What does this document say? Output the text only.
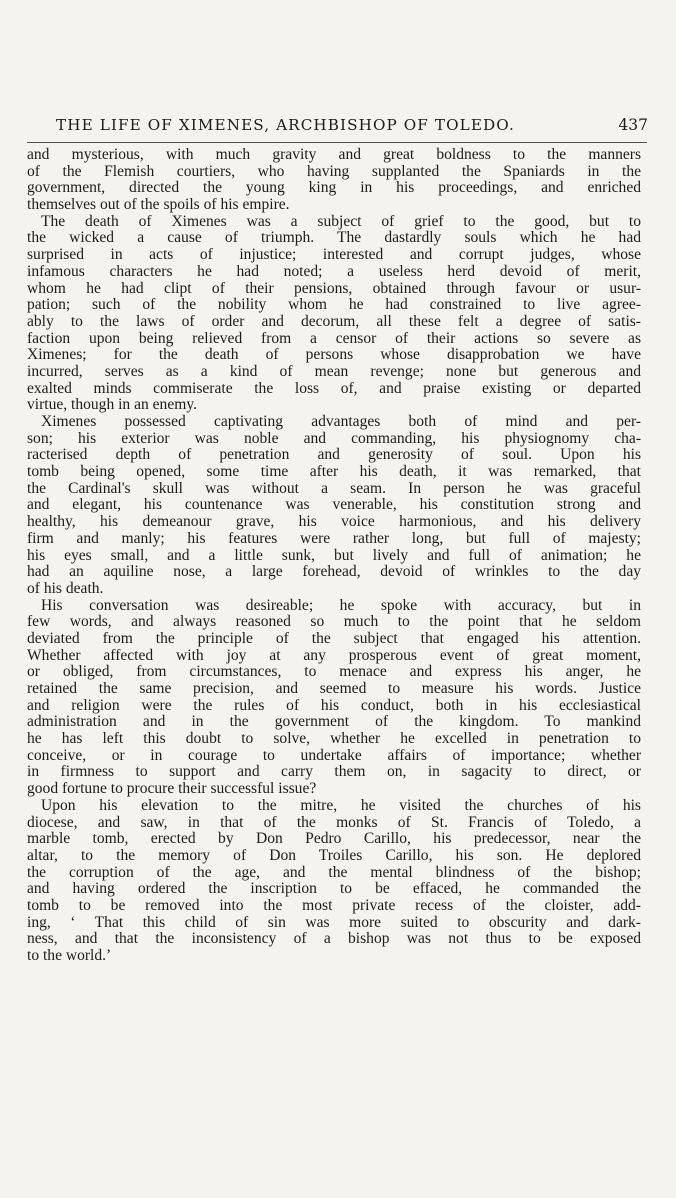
THE LIFE OF XIMENES, ARCHBISHOP OF TOLEDO.	437
and mysterious, with much gravity and great boldness to the manners
of the Flemish courtiers, who having supplanted the Spaniards in the
government, directed the young king in his proceedings, and enriched
themselves out of the spoils of his empire.
The death of Ximenes was a subject of grief to the good, but to
the wicked a cause of triumph. The dastardly souls which he had
surprised in acts of injustice; interested and corrupt judges, whose
infamous characters he had noted; a useless herd devoid of merit,
whom he had clipt of their pensions, obtained through favour or usur-
pation; such of the nobility whom he had constrained to live agree-
ably to the laws of order and decorum, all these felt a degree of satis-
faction upon being relieved from a censor of their actions so severe as
Ximenes; for the death of persons whose disapprobation we have
incurred, serves as a kind of mean revenge; none but generous and
exalted minds commiserate the loss of, and praise existing or departed
virtue, though in an enemy.
Ximenes possessed captivating advantages both of mind and per-
son; his exterior was noble and commanding, his physiognomy cha-
racterised depth of penetration and generosity of soul. Upon his
tomb being opened, some time after his death, it was remarked, that
the Cardinal's skull was without a seam. In person he was graceful
and elegant, his countenance was venerable, his constitution strong and
healthy, his demeanour grave, his voice harmonious, and his delivery
firm and manly; his features were rather long, but full of majesty;
his eyes small, and a little sunk, but lively and full of animation; he
had an aquiline nose, a large forehead, devoid of wrinkles to the day
of his death.
His conversation was desireable; he spoke with accuracy, but in
few words, and always reasoned so much to the point that he seldom
deviated from the principle of the subject that engaged his attention.
Whether affected with joy at any prosperous event of great moment,
or obliged, from circumstances, to menace and express his anger, he
retained the same precision, and seemed to measure his words. Justice
and religion were the rules of his conduct, both in his ecclesiastical
administration and in the government of the kingdom. To mankind
he has left this doubt to solve, whether he excelled in penetration to
conceive, or in courage to undertake affairs of importance; whether
in firmness to support and carry them on, in sagacity to direct, or
good fortune to procure their successful issue?
Upon his elevation to the mitre, he visited the churches of his
diocese, and saw, in that of the monks of St. Francis of Toledo, a
marble tomb, erected by Don Pedro Carillo, his predecessor, near the
altar, to the memory of Don Troiles Carillo, his son. He deplored
the corruption of the age, and the mental blindness of the bishop;
and having ordered the inscription to be effaced, he commanded the
tomb to be removed into the most private recess of the cloister, add-
ing, ‘ That this child of sin was more suited to obscurity and dark-
ness, and that the inconsistency of a bishop was not thus to be exposed
to the world.’
